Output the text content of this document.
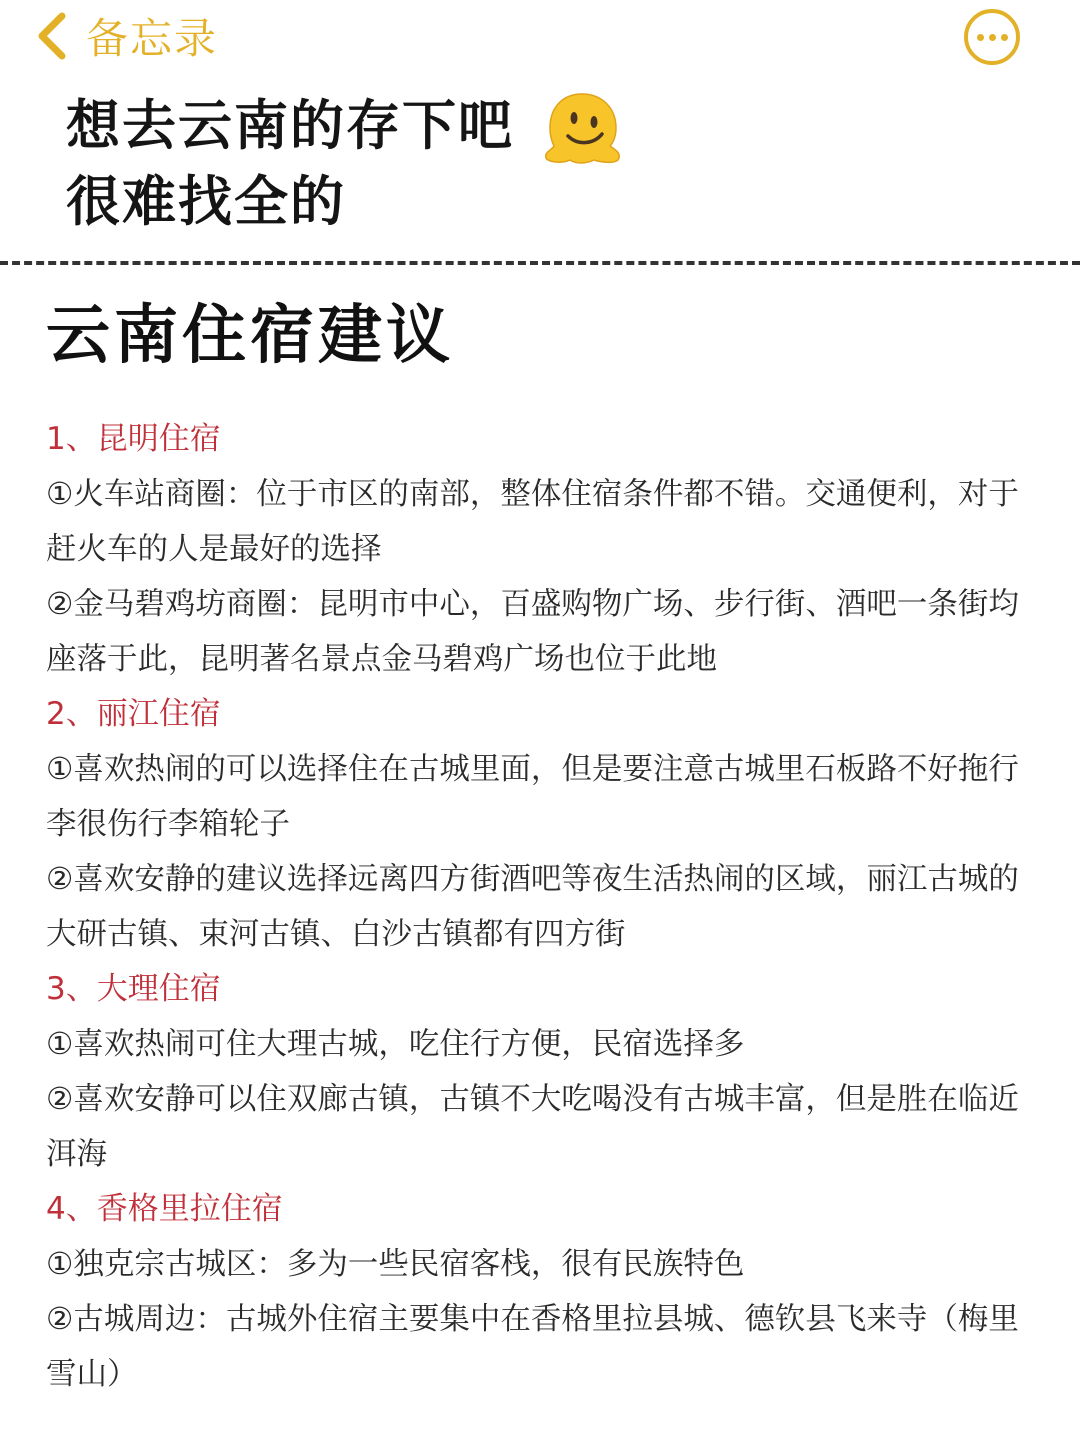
备忘录
想去云南的存下吧
很难找全的
云南住宿建议
1、昆明住宿

①火车站商圈：位于市区的南部，整体住宿条件都不错。交通便利，对于赶火车的人是最好的选择

②金马碧鸡坊商圈：昆明市中心，百盛购物广场、步行街、酒吧一条街均座落于此，昆明著名景点金马碧鸡广场也位于此地

2、丽江住宿

①喜欢热闹的可以选择住在古城里面，但是要注意古城里石板路不好拖行李很伤行李箱轮子

②喜欢安静的建议选择远离四方街酒吧等夜生活热闹的区域，丽江古城的大研古镇、束河古镇、白沙古镇都有四方街

3、大理住宿

①喜欢热闹可住大理古城，吃住行方便，民宿选择多

②喜欢安静可以住双廊古镇，古镇不大吃喝没有古城丰富，但是胜在临近洱海

4、香格里拉住宿

①独克宗古城区：多为一些民宿客栈，很有民族特色

②古城周边：古城外住宿主要集中在香格里拉县城、德钦县飞来寺（梅里雪山）
